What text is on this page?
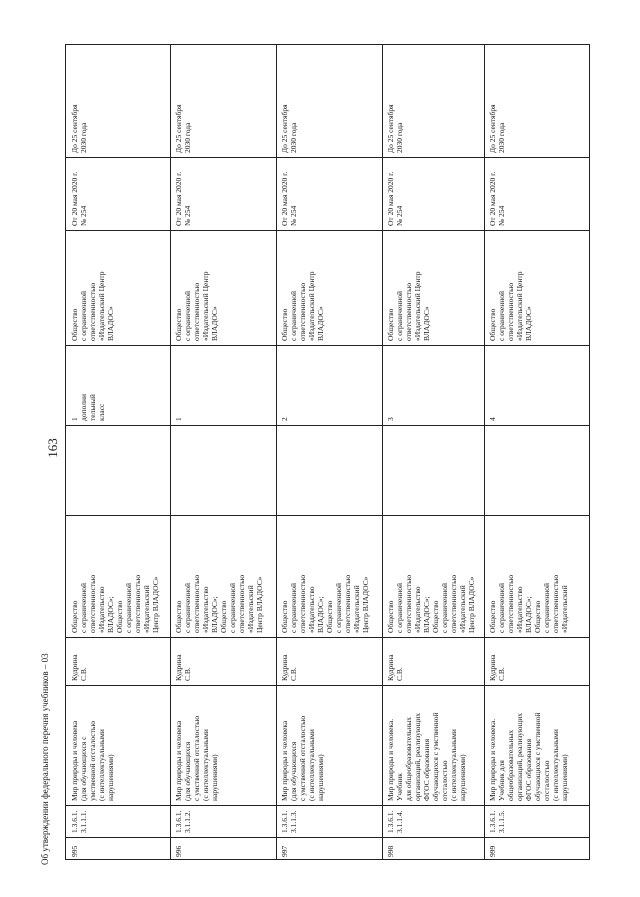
163
Об утверждении федерального перечня учебников – 03	995
1.3.6.1.
3.1.1.1.
Мир природы и человека
(для обучающихся с
умственной отсталостью
(с интеллектуальными
нарушениями)
Кудрина С.В.
Общество
с ограниченной
ответственностью
«Издательство
ВЛАДОС»;
Общество
с ограниченной
ответственностью
«Издательский
Центр ВЛАДОС»
1
дополни
тельный
класс
Общество
с ограниченной
ответственностью
«Издательский Центр
ВЛАДОС»
От 20 мая 2020 г.
№ 254
До 25 сентября
2030 года
996
1.3.6.1.
3.1.1.2.
Мир природы и человека
(для обучающихся
с умственной отсталостью
(с интеллектуальными
нарушениями)
Кудрина С.В.
Общество
с ограниченной
ответственностью
«Издательство
ВЛАДОС»;
Общество
с ограниченной
ответственностью
«Издательский
Центр ВЛАДОС»
1
Общество
с ограниченной
ответственностью
«Издательский Центр
ВЛАДОС»
От 20 мая 2020 г.
№ 254
До 25 сентября
2030 года
997
1.3.6.1.
3.1.1.3.
Мир природы и человека
(для обучающихся
с умственной отсталостью
(с интеллектуальными
нарушениями)
Кудрина С.В.
Общество
с ограниченной
ответственностью
«Издательство
ВЛАДОС»;
Общество
с ограниченной
ответственностью
«Издательский
Центр ВЛАДОС»
2
Общество
с ограниченной
ответственностью
«Издательский Центр
ВЛАДОС»
От 20 мая 2020 г.
№ 254
До 25 сентября
2030 года
998
1.3.6.1.
3.1.1.4.
Мир природы и человека.
Учебник
для общеобразовательных
организаций, реализующих
ФГОС образования
обучающихся с умственной
отсталостью
(с интеллектуальными
нарушениями)
Кудрина С.В.
Общество
с ограниченной
ответственностью
«Издательство
ВЛАДОС»;
Общество
с ограниченной
ответственностью
«Издательский
Центр ВЛАДОС»
3
Общество
с ограниченной
ответственностью
«Издательский Центр
ВЛАДОС»
От 20 мая 2020 г.
№ 254
До 25 сентября
2030 года
999
1.3.6.1.
3.1.1.5.
Мир природы и человека.
Учебник для
общеобразовательных
организаций, реализующих
ФГОС образования
обучающихся с умственной
отсталостью
(с интеллектуальными
нарушениями)
Кудрина С.В.
Общество
с ограниченной
ответственностью
«Издательство
ВЛАДОС»;
Общество
с ограниченной
ответственностью
«Издательский
4
Общество
с ограниченной
ответственностью
«Издательский Центр
ВЛАДОС»
От 20 мая 2020 г.
№ 254
До 25 сентября
2030 года
